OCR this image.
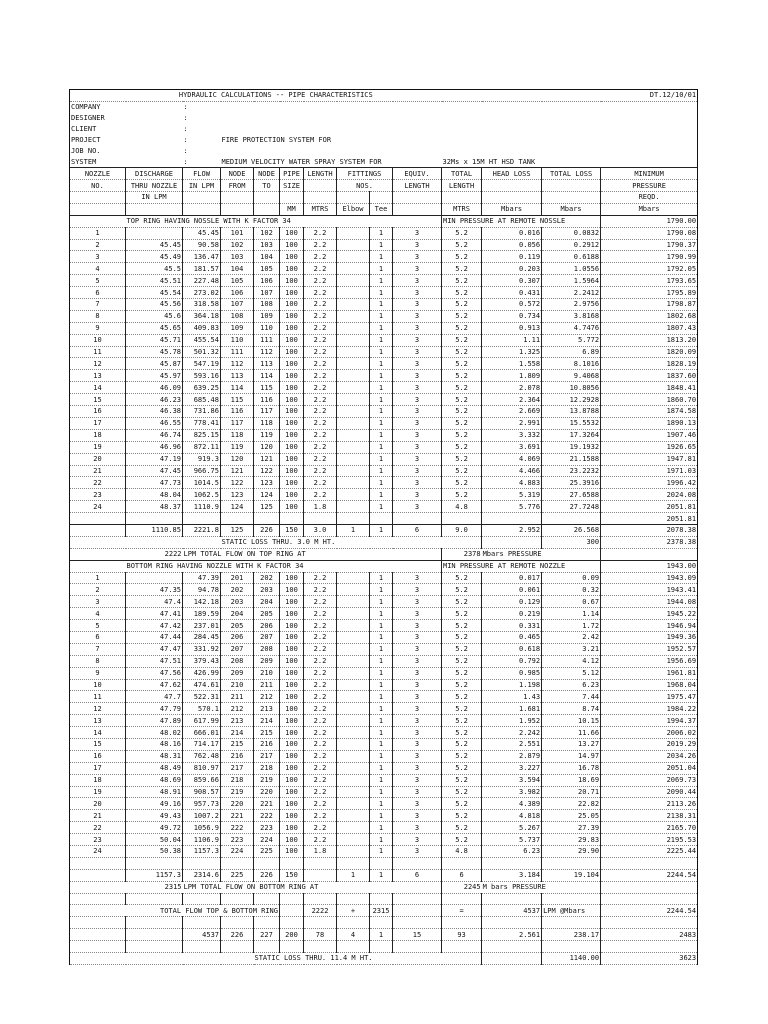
HYDRAULIC CALCULATIONS -- PIPE CHARACTERISTICS											DT.12/10/01		
COMPANY		:											
DESIGNER		:											
CLIENT		:											
PROJECT		:	FIRE PROTECTION SYSTEM FOR										
JOB NO.		:											
SYSTEM		:	MEDIUM VELOCITY WATER SPRAY SYSTEM FOR							32Ms x 15M HT HSD TANK			
NOZZLE	DISCHARGE	FLOW	NODE	NODE	PIPE	LENGTH	FITTINGS		EQUIV.	TOTAL	HEAD LOSS	TOTAL LOSS	MINIMUM
NO.	THRU NOZZLE	IN LPM	FROM	TO	SIZE		NOS.		LENGTH	LENGTH			PRESSURE
	IN LPM												REQD.
					MM	MTRS	Elbow	Tee		MTRS	Mbars	Mbars	Mbars
	TOP RING HAVING NOSSLE WITH K FACTOR 34									MIN PRESSURE AT REMOTE NOSSLE			1790.00
1		45.45	101	102	100	2.2		1	3	5.2	0.016	0.0832	1790.08
2	45.45	90.58	102	103	100	2.2		1	3	5.2	0.056	0.2912	1790.37
3	45.49	136.47	103	104	100	2.2		1	3	5.2	0.119	0.6188	1790.99
4	45.5	181.57	104	105	100	2.2		1	3	5.2	0.203	1.0556	1792.05
5	45.51	227.48	105	106	100	2.2		1	3	5.2	0.307	1.5964	1793.65
6	45.54	273.02	106	107	100	2.2		1	3	5.2	0.431	2.2412	1795.89
7	45.56	318.58	107	108	100	2.2		1	3	5.2	0.572	2.9756	1798.87
8	45.6	364.18	108	109	100	2.2		1	3	5.2	0.734	3.8168	1802.68
9	45.65	409.83	109	110	100	2.2		1	3	5.2	0.913	4.7476	1807.43
10	45.71	455.54	110	111	100	2.2		1	3	5.2	1.11	5.772	1813.20
11	45.78	501.32	111	112	100	2.2		1	3	5.2	1.325	6.89	1820.09
12	45.87	547.19	112	113	100	2.2		1	3	5.2	1.558	8.1016	1828.19
13	45.97	593.16	113	114	100	2.2		1	3	5.2	1.809	9.4068	1837.60
14	46.09	639.25	114	115	100	2.2		1	3	5.2	2.078	10.8056	1848.41
15	46.23	685.48	115	116	100	2.2		1	3	5.2	2.364	12.2928	1860.70
16	46.38	731.86	116	117	100	2.2		1	3	5.2	2.669	13.8788	1874.58
17	46.55	778.41	117	118	100	2.2		1	3	5.2	2.991	15.5532	1890.13
18	46.74	825.15	118	119	100	2.2		1	3	5.2	3.332	17.3264	1907.46
19	46.96	872.11	119	120	100	2.2		1	3	5.2	3.691	19.1932	1926.65
20	47.19	919.3	120	121	100	2.2		1	3	5.2	4.069	21.1588	1947.81
21	47.45	966.75	121	122	100	2.2		1	3	5.2	4.466	23.2232	1971.03
22	47.73	1014.5	122	123	100	2.2		1	3	5.2	4.883	25.3916	1996.42
23	48.04	1062.5	123	124	100	2.2		1	3	5.2	5.319	27.6588	2024.08
24	48.37	1110.9	124	125	100	1.8		1	3	4.8	5.776	27.7248	2051.81
													2051.81
	1110.85	2221.8	125	226	150	3.0	1	1	6	9.0	2.952	26.568	2078.38
			STATIC LOSS THRU. 3.0 M HT.									300	2378.38
2222		LPM TOTAL FLOW ON TOP RING AT								2378	Mbars PRESSURE		
	BOTTOM RING HAVING NOZZLE WITH K FACTOR 34									MIN PRESSURE AT REMOTE NOZZLE			1943.00
1		47.39	201	202	100	2.2		1	3	5.2	0.017	0.09	1943.09
2	47.35	94.78	202	203	100	2.2		1	3	5.2	0.061	0.32	1943.41
3	47.4	142.18	203	204	100	2.2		1	3	5.2	0.129	0.67	1944.08
4	47.41	189.59	204	205	100	2.2		1	3	5.2	0.219	1.14	1945.22
5	47.42	237.01	205	206	100	2.2		1	3	5.2	0.331	1.72	1946.94
6	47.44	284.45	206	207	100	2.2		1	3	5.2	0.465	2.42	1949.36
7	47.47	331.92	207	208	100	2.2		1	3	5.2	0.618	3.21	1952.57
8	47.51	379.43	208	209	100	2.2		1	3	5.2	0.792	4.12	1956.69
9	47.56	426.99	209	210	100	2.2		1	3	5.2	0.985	5.12	1961.81
10	47.62	474.61	210	211	100	2.2		1	3	5.2	1.198	6.23	1968.04
11	47.7	522.31	211	212	100	2.2		1	3	5.2	1.43	7.44	1975.47
12	47.79	570.1	212	213	100	2.2		1	3	5.2	1.681	8.74	1984.22
13	47.89	617.99	213	214	100	2.2		1	3	5.2	1.952	10.15	1994.37
14	48.02	666.01	214	215	100	2.2		1	3	5.2	2.242	11.66	2006.02
15	48.16	714.17	215	216	100	2.2		1	3	5.2	2.551	13.27	2019.29
16	48.31	762.48	216	217	100	2.2		1	3	5.2	2.879	14.97	2034.26
17	48.49	810.97	217	218	100	2.2		1	3	5.2	3.227	16.78	2051.04
18	48.69	859.66	218	219	100	2.2		1	3	5.2	3.594	18.69	2069.73
19	48.91	908.57	219	220	100	2.2		1	3	5.2	3.982	20.71	2090.44
20	49.16	957.73	220	221	100	2.2		1	3	5.2	4.389	22.82	2113.26
21	49.43	1007.2	221	222	100	2.2		1	3	5.2	4.818	25.05	2138.31
22	49.72	1056.9	222	223	100	2.2		1	3	5.2	5.267	27.39	2165.70
23	50.04	1106.9	223	224	100	2.2		1	3	5.2	5.737	29.83	2195.53
24	50.38	1157.3	224	225	100	1.8		1	3	4.8	6.23	29.90	2225.44

	1157.3	2314.6	225	226	150		1	1	6	6	3.184	19.104	2244.54
2315		LPM TOTAL FLOW ON BOTTOM RING AT								2245	M bars PRESSURE		

TOTAL FLOW TOP & BOTTOM RING						2222	+	2315		=	4537	LPM @Mbars	2244.54

		4537	226	227	200	78	4	1	15	93	2.561	238.17	2483

				STATIC LOSS THRU. 11.4 M HT.								1140.00	3623
